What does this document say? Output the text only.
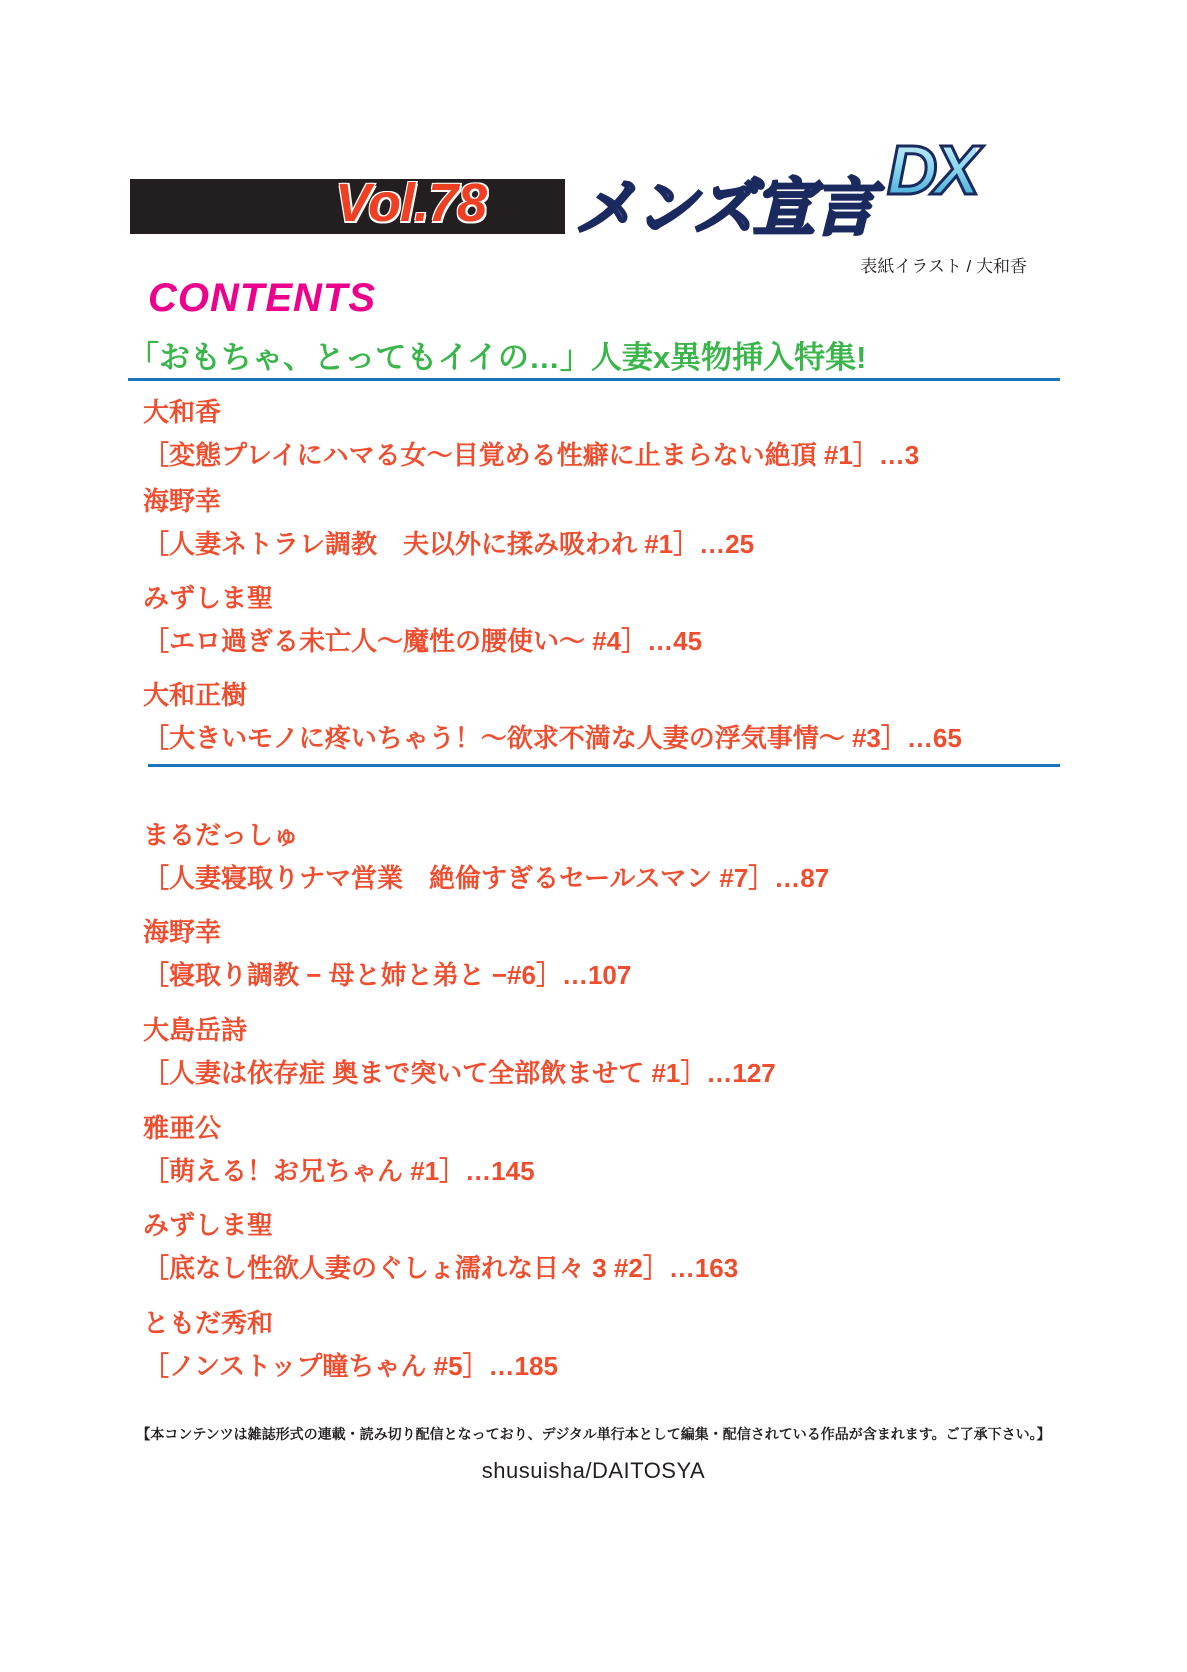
Vol.78 メンズ宣言 DX
表紙イラスト / 大和香
CONTENTS
「おもちゃ、とってもイイの…」人妻x異物挿入特集!

大和香

［変態プレイにハマる女〜目覚める性癖に止まらない絶頂 #1］…3

海野幸

［人妻ネトラレ調教　夫以外に揉み吸われ #1］…25

みずしま聖

［エロ過ぎる未亡人〜魔性の腰使い〜 #4］…45

大和正樹

［大きいモノに疼いちゃう！〜欲求不満な人妻の浮気事情〜 #3］…65

まるだっしゅ

［人妻寝取りナマ営業　絶倫すぎるセールスマン #7］…87

海野幸

［寝取り調教 − 母と姉と弟と −#6］…107

大島岳詩

［人妻は依存症 奥まで突いて全部飲ませて #1］…127

雅亜公

［萌える！お兄ちゃん #1］…145

みずしま聖

［底なし性欲人妻のぐしょ濡れな日々 3 #2］…163

ともだ秀和

［ノンストップ瞳ちゃん #5］…185

【本コンテンツは雑誌形式の連載・読み切り配信となっており、デジタル単行本として編集・配信されている作品が含まれます。ご了承下さい。】
shusuisha/DAITOSYA
